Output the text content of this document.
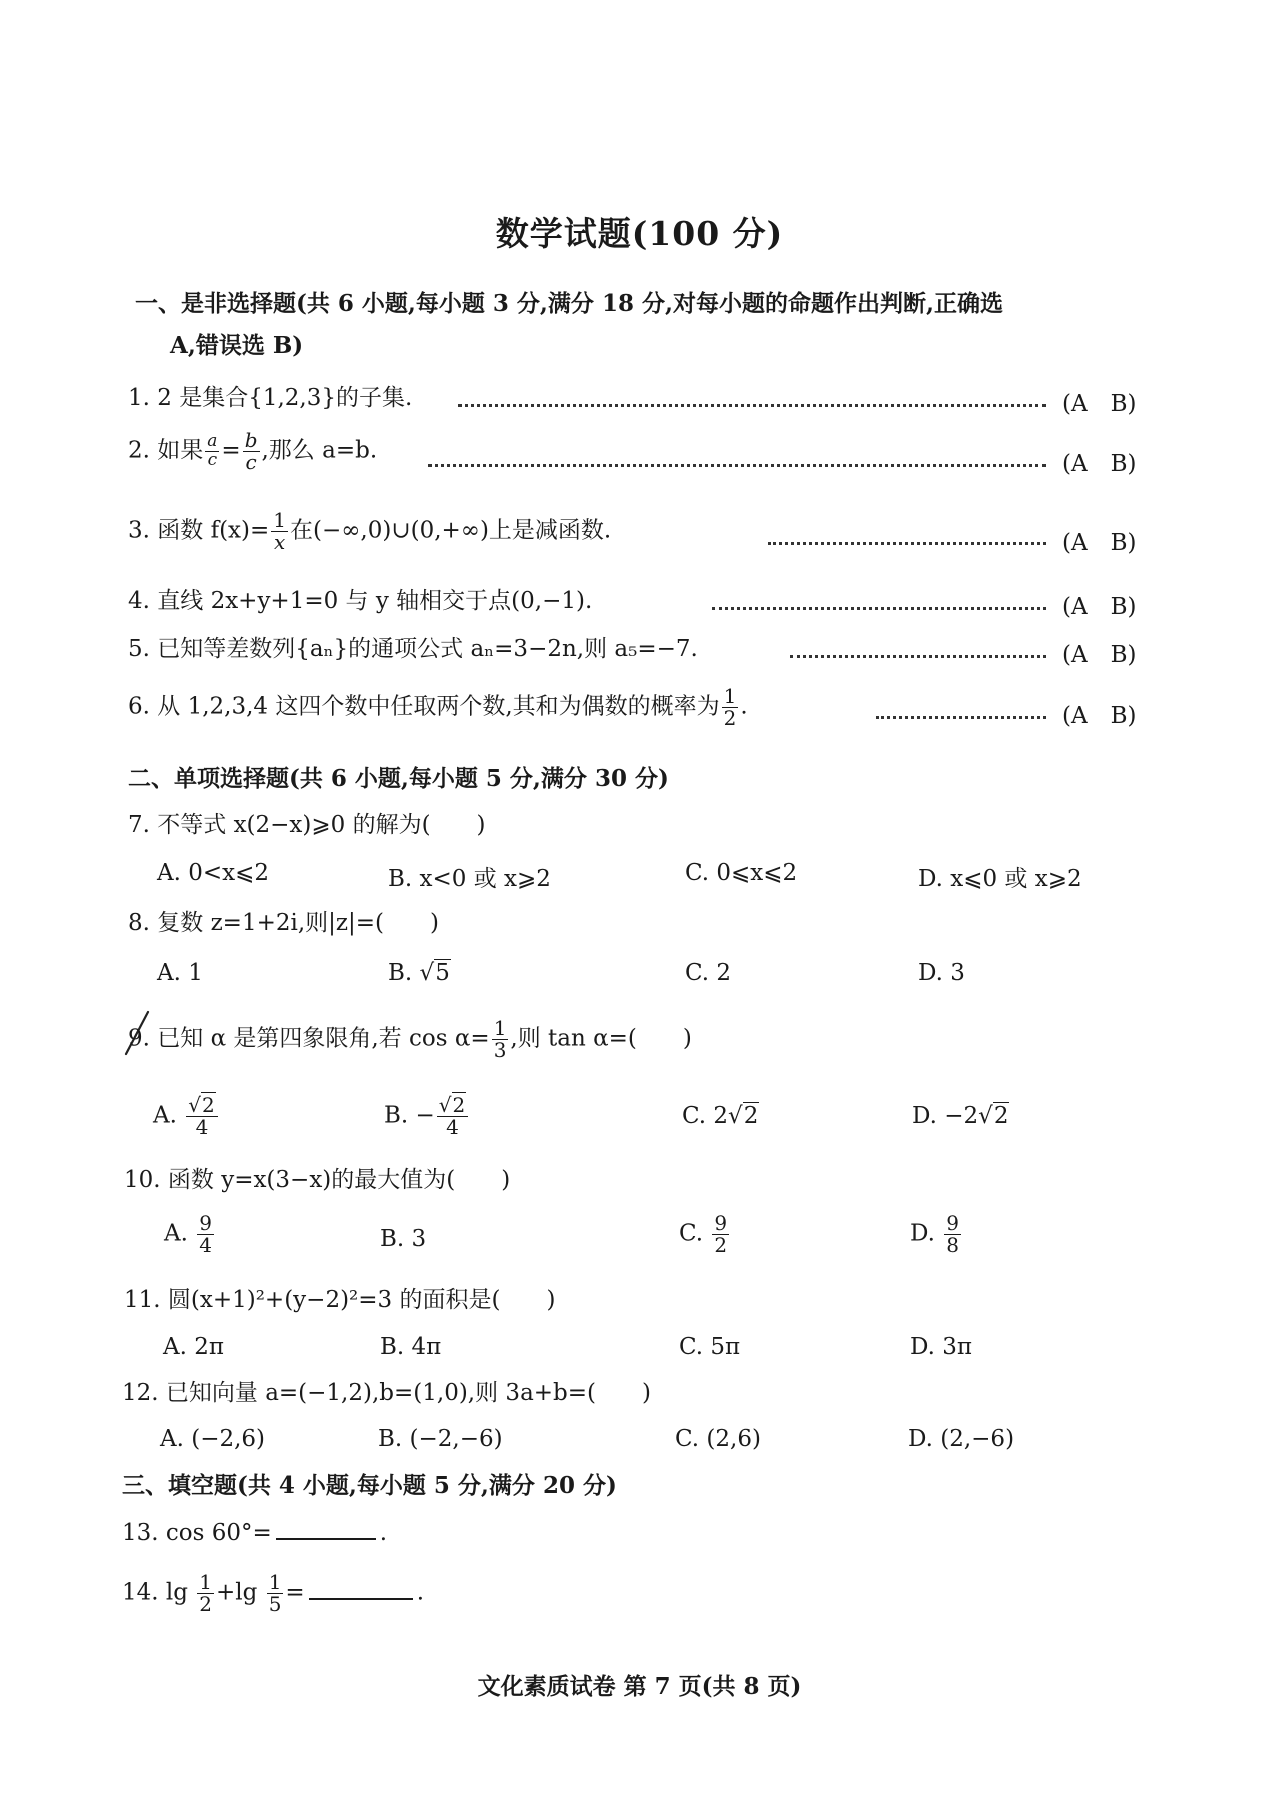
数学试题(100 分)
一、是非选择题(共 6 小题,每小题 3 分,满分 18 分,对每小题的命题作出判断,正确选
A,错误选 B)
1. 2 是集合{1,2,3}的子集.	(A　B)
2. 如果 $\frac{a}{c} = \frac{b}{c}$ ,那么 a=b.
(A　B)
3. 函数 $f(x)= \frac{1}{x}$ 在(−∞,0)∪(0,+∞)上是减函数.	(A　B)
4. 直线 2x+y+1=0 与 y 轴相交于点(0,−1).	(A　B)
5. 已知等差数列{aₙ}的通项公式 aₙ=3−2n,则 a₅=−7.	(A　B)
6. 从 1,2,3,4 这四个数中任取两个数,其和为偶数的概率为 $\frac{1}{2}$ .	(A　B)
二、单项选择题(共 6 小题,每小题 5 分,满分 30 分)
7. 不等式 x(2−x)⩾0 的解为(　　)
A. 0<x⩽2	B. x<0 或 x⩾2	C. 0⩽x⩽2	D. x⩽0 或 x⩾2
8. 复数 z=1+2i,则|z|=(　　)
A. 1	B. √5	C. 2	D. 3
9. 已知 α 是第四象限角,若 $\cos \alpha= \frac{1}{3}$ ,则 tan α=(　　)
A. $\frac{√2}{4}$	B. − $\frac{√2}{4}$	C. 2√2	D. −2√2
10. 函数 y=x(3−x)的最大值为(　　)
A. $\frac{9}{4}$	B. 3	C. $\frac{9}{2}$	D. $\frac{9}{8}$
11. 圆(x+1)²+(y−2)²=3 的面积是(　　)
A. 2π	B. 4π	C. 5π	D. 3π
12. 已知向量 a=(−1,2),b=(1,0),则 3a+b=(　　)
A. (−2,6)	B. (−2,−6)	C. (2,6)	D. (2,−6)
三、填空题(共 4 小题,每小题 5 分,满分 20 分)
13. cos 60°=	.
14. $\lg \frac{1}{2} +\lg \frac{1}{5}$ =	.
文化素质试卷 第 7 页(共 8 页)
